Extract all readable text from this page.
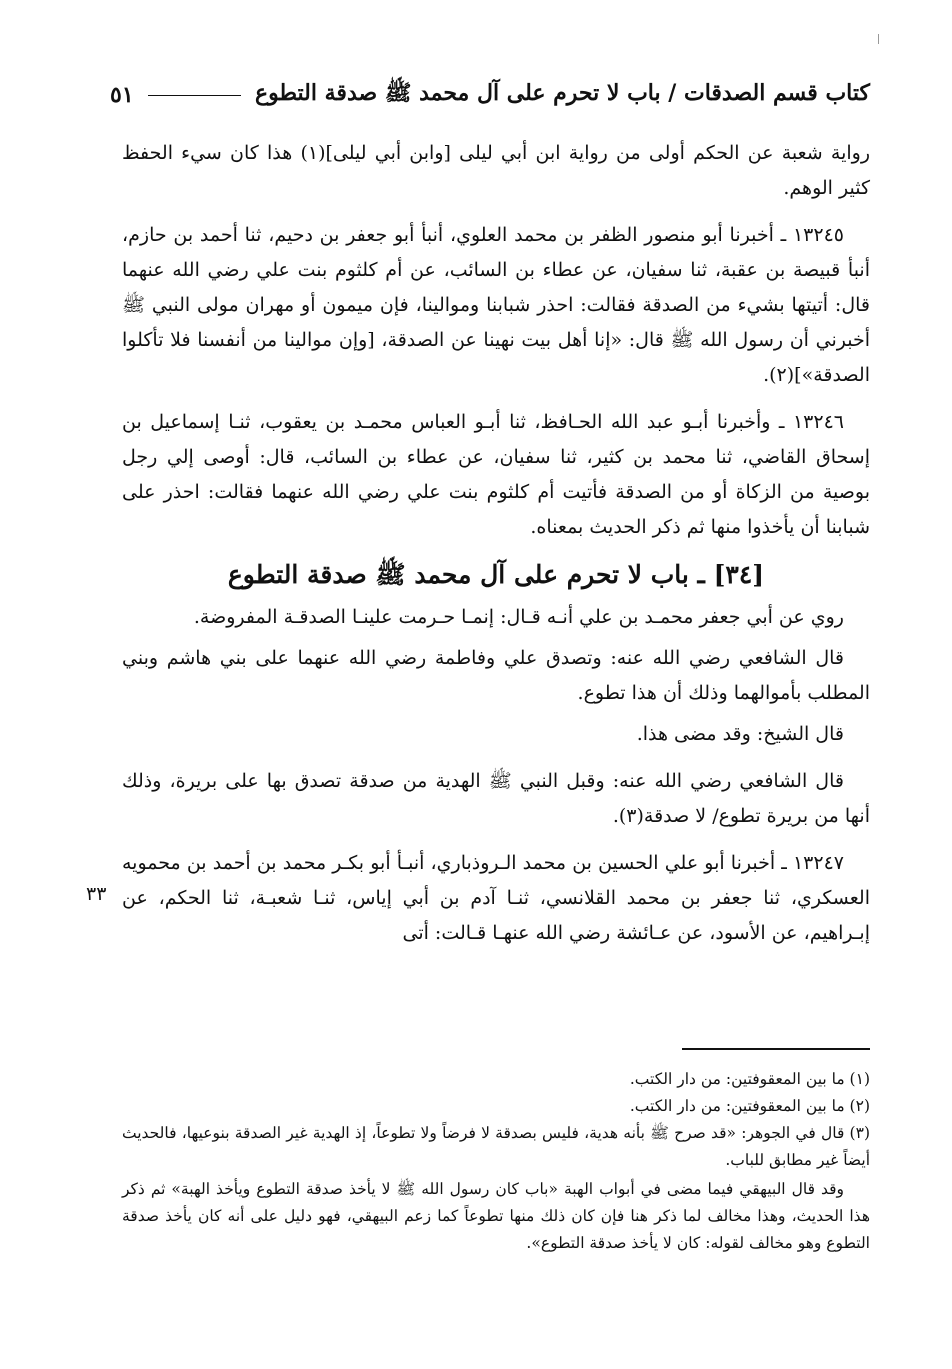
كتاب قسم الصدقات / باب لا تحرم على آل محمد ﷺ صدقة التطوع
٥١

رواية شعبة عن الحكم أولى من رواية ابن أبي ليلى [وابن أبي ليلى](١) هذا كان سيء الحفظ كثير الوهم.

١٣٢٤٥ ـ أخبرنا أبو منصور الظفر بن محمد العلوي، أنبأ أبو جعفر بن دحيم، ثنا أحمد بن حازم، أنبأ قبيصة بن عقبة، ثنا سفيان، عن عطاء بن السائب، عن أم كلثوم بنت علي رضي الله عنهما قال: أتيتها بشيء من الصدقة فقالت: احذر شبابنا وموالينا، فإن ميمون أو مهران مولى النبي ﷺ أخبرني أن رسول الله ﷺ قال: «إنا أهل بيت نهينا عن الصدقة، [وإن موالينا من أنفسنا فلا تأكلوا الصدقة»](٢).

١٣٢٤٦ ـ وأخبرنا أبـو عبد الله الحـافظ، ثنا أبـو العباس محمـد بن يعقوب، ثنـا إسماعيل بن إسحاق القاضي، ثنا محمد بن كثير، ثنا سفيان، عن عطاء بن السائب، قال: أوصى إلي رجل بوصية من الزكاة أو من الصدقة فأتيت أم كلثوم بنت علي رضي الله عنهما فقالت: احذر على شبابنا أن يأخذوا منها ثم ذكر الحديث بمعناه.

[٣٤] ـ باب لا تحرم على آل محمد ﷺ صدقة التطوع

روي عن أبي جعفر محمـد بن علي أنـه قـال: إنمـا حـرمت علينـا الصدقـة المفروضة.

قال الشافعي رضي الله عنه: وتصدق علي وفاطمة رضي الله عنهما على بني هاشم وبني المطلب بأموالهما وذلك أن هذا تطوع.

قال الشيخ: وقد مضى هذا.

قال الشافعي رضي الله عنه: وقبل النبي ﷺ الهدية من صدقة تصدق بها على بريرة، وذلك أنها من بريرة تطوع/ لا صدقة(٣).

١٣٢٤٧ ـ أخبرنا أبو علي الحسين بن محمد الـروذباري، أنبـأ أبو بكـر محمد بن أحمد بن محمويه العسكري، ثنا جعفر بن محمد القلانسي، ثنـا آدم بن أبي إياس، ثنـا شعبـة، ثنا الحكم، عن إبـراهيم، عن الأسود، عن عـائشة رضي الله عنهـا قـالت: أتى

٣٣

(١) ما بين المعقوفتين: من دار الكتب.

(٢) ما بين المعقوفتين: من دار الكتب.

(٣) قال في الجوهر: «قد صرح ﷺ بأنه هدية، فليس بصدقة لا فرضاً ولا تطوعاً، إذ الهدية غير الصدقة بنوعيها، فالحديث أيضاً غير مطابق للباب.

وقد قال البيهقي فيما مضى في أبواب الهبة «باب كان رسول الله ﷺ لا يأخذ صدقة التطوع ويأخذ الهبة» ثم ذكر هذا الحديث، وهذا مخالف لما ذكر هنا فإن كان ذلك منها تطوعاً كما زعم البيهقي، فهو دليل على أنه كان يأخذ صدقة التطوع وهو مخالف لقوله: كان لا يأخذ صدقة التطوع».
